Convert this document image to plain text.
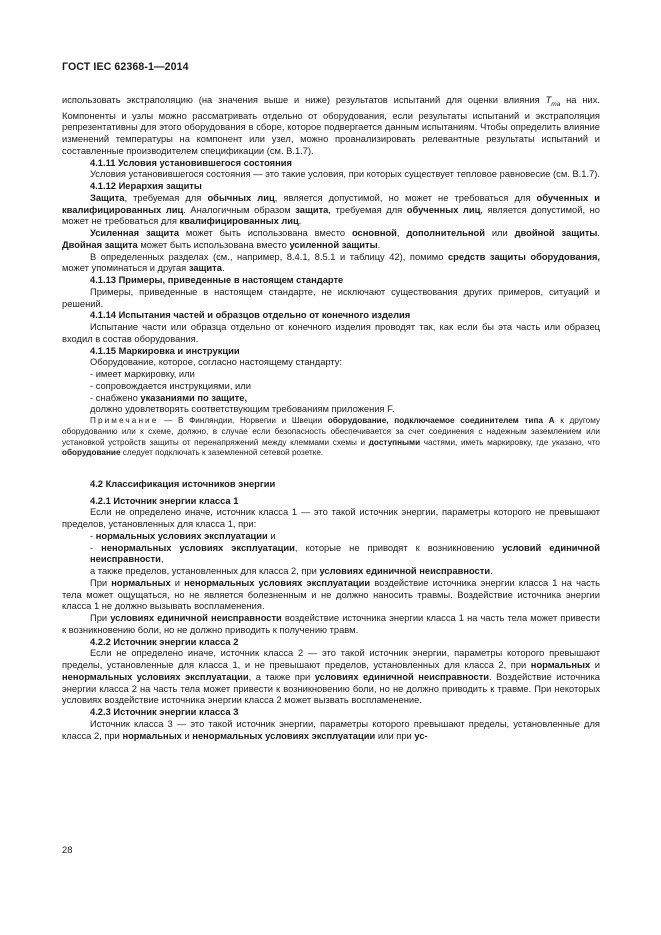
ГОСТ IEC 62368-1—2014

использовать экстраполяцию (на значения выше и ниже) результатов испытаний для оценки влияния $T_{ma}$ на них. Компоненты и узлы можно рассматривать отдельно от оборудования, если результаты испытаний и экстраполяция репрезентативны для этого оборудования в сборе, которое подвергается данным испытаниям. Чтобы определить влияние изменений температуры на компонент или узел, можно проанализировать релевантные результаты испытаний и составленные производителем спецификации (см. В.1.7).

4.1.11 Условия установившегося состояния

Условия установившегося состояния — это такие условия, при которых существует тепловое равновесие (см. В.1.7).

4.1.12 Иерархия защиты

Защита, требуемая для обычных лиц, является допустимой, но может не требоваться для обученных и квалифицированных лиц. Аналогичным образом защита, требуемая для обученных лиц, является допустимой, но может не требоваться для квалифицированных лиц.

Усиленная защита может быть использована вместо основной, дополнительной или двойной защиты. Двойная защита может быть использована вместо усиленной защиты.

В определенных разделах (см., например, 8.4.1, 8.5.1 и таблицу 42), помимо средств защиты оборудования, может упоминаться и другая защита.

4.1.13 Примеры, приведенные в настоящем стандарте

Примеры, приведенные в настоящем стандарте, не исключают существования других примеров, ситуаций и решений.

4.1.14 Испытания частей и образцов отдельно от конечного изделия

Испытание части или образца отдельно от конечного изделия проводят так, как если бы эта часть или образец входил в состав оборудования.

4.1.15 Маркировка и инструкции

Оборудование, которое, согласно настоящему стандарту:

- имеет маркировку, или
- сопровождается инструкциями, или
- снабжено указаниями по защите,

должно удовлетворять соответствующим требованиям приложения F.

Примечание — В Финляндии, Норвегии и Швеции оборудование, подключаемое соединителем типа А к другому оборудованию или к схеме, должно, в случае если безопасность обеспечивается за счет соединения с надежным заземлением или установкой устройств защиты от перенапряжений между клеммами схемы и доступными частями, иметь маркировку, где указано, что оборудование следует подключать к заземленной сетевой розетке.

4.2 Классификация источников энергии
4.2.1 Источник энергии класса 1

Если не определено иначе, источник класса 1 — это такой источник энергии, параметры которого не превышают пределов, установленных для класса 1, при:

- нормальных условиях эксплуатации и
- ненормальных условиях эксплуатации, которые не приводят к возникновению условий единичной неисправности,

а также пределов, установленных для класса 2, при условиях единичной неисправности.

При нормальных и ненормальных условиях эксплуатации воздействие источника энергии класса 1 на часть тела может ощущаться, но не является болезненным и не должно наносить травмы. Воздействие источника энергии класса 1 не должно вызывать воспламенения.

При условиях единичной неисправности воздействие источника энергии класса 1 на часть тела может привести к возникновению боли, но не должно приводить к получению травм.

4.2.2 Источник энергии класса 2

Если не определено иначе, источник класса 2 — это такой источник энергии, параметры которого превышают пределы, установленные для класса 1, и не превышают пределов, установленных для класса 2, при нормальных и ненормальных условиях эксплуатации, а также при условиях единичной неисправности. Воздействие источника энергии класса 2 на часть тела может привести к возникновению боли, но не должно приводить к травме. При некоторых условиях воздействие источника энергии класса 2 может вызвать воспламенение.

4.2.3 Источник энергии класса 3

Источник класса 3 — это такой источник энергии, параметры которого превышают пределы, установленные для класса 2, при нормальных и ненормальных условиях эксплуатации или при ус-

28
